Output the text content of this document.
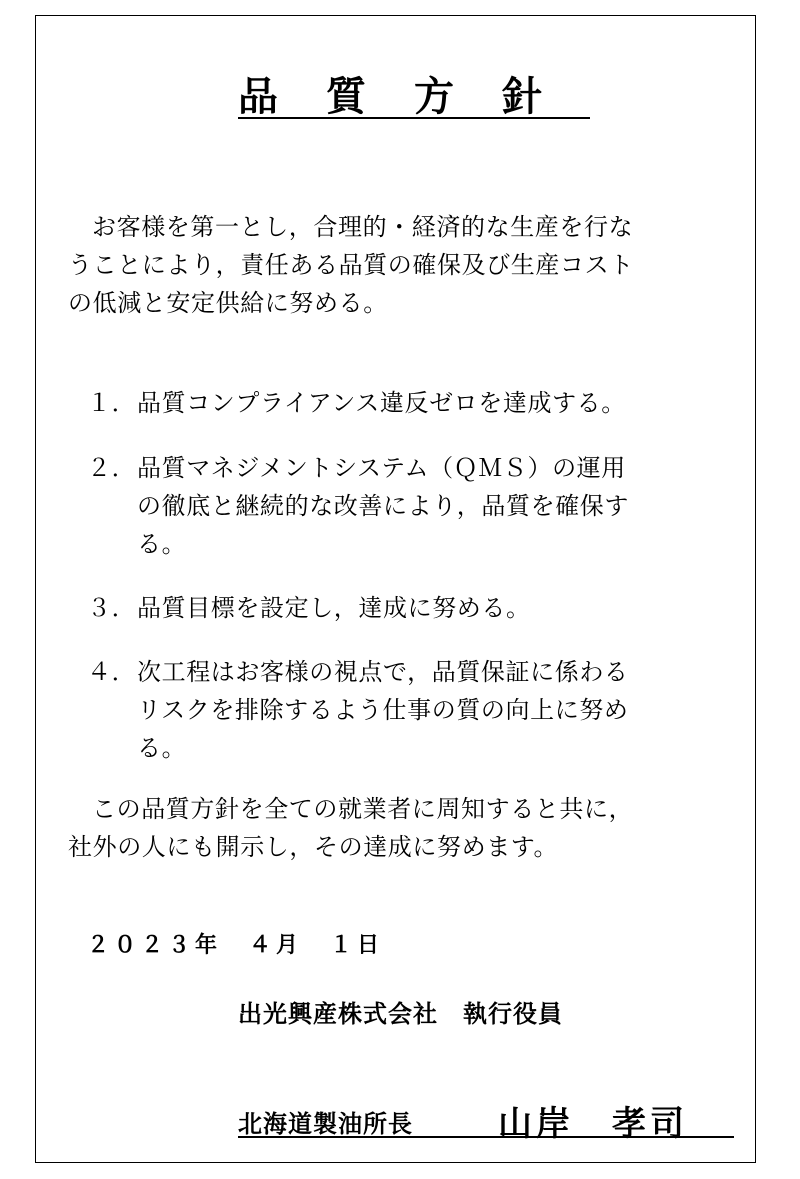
品質方針

お客様を第一とし，合理的・経済的な生産を行な

うことにより，責任ある品質の確保及び生産コスト

の低減と安定供給に努める。

１． 品質コンプライアンス違反ゼロを達成する。

２． 品質マネジメントシステム（ＱＭＳ）の運用

の徹底と継続的な改善により，品質を確保す

る。

３． 品質目標を設定し，達成に努める。

４． 次工程はお客様の視点で，品質保証に係わる

リスクを排除するよう仕事の質の向上に努め

る。

この品質方針を全ての就業者に周知すると共に，

社外の人にも開示し，その達成に努めます。

２０２３年　４月　１日
出光興産株式会社　執行役員
北海道製油所長	山岸　孝司
